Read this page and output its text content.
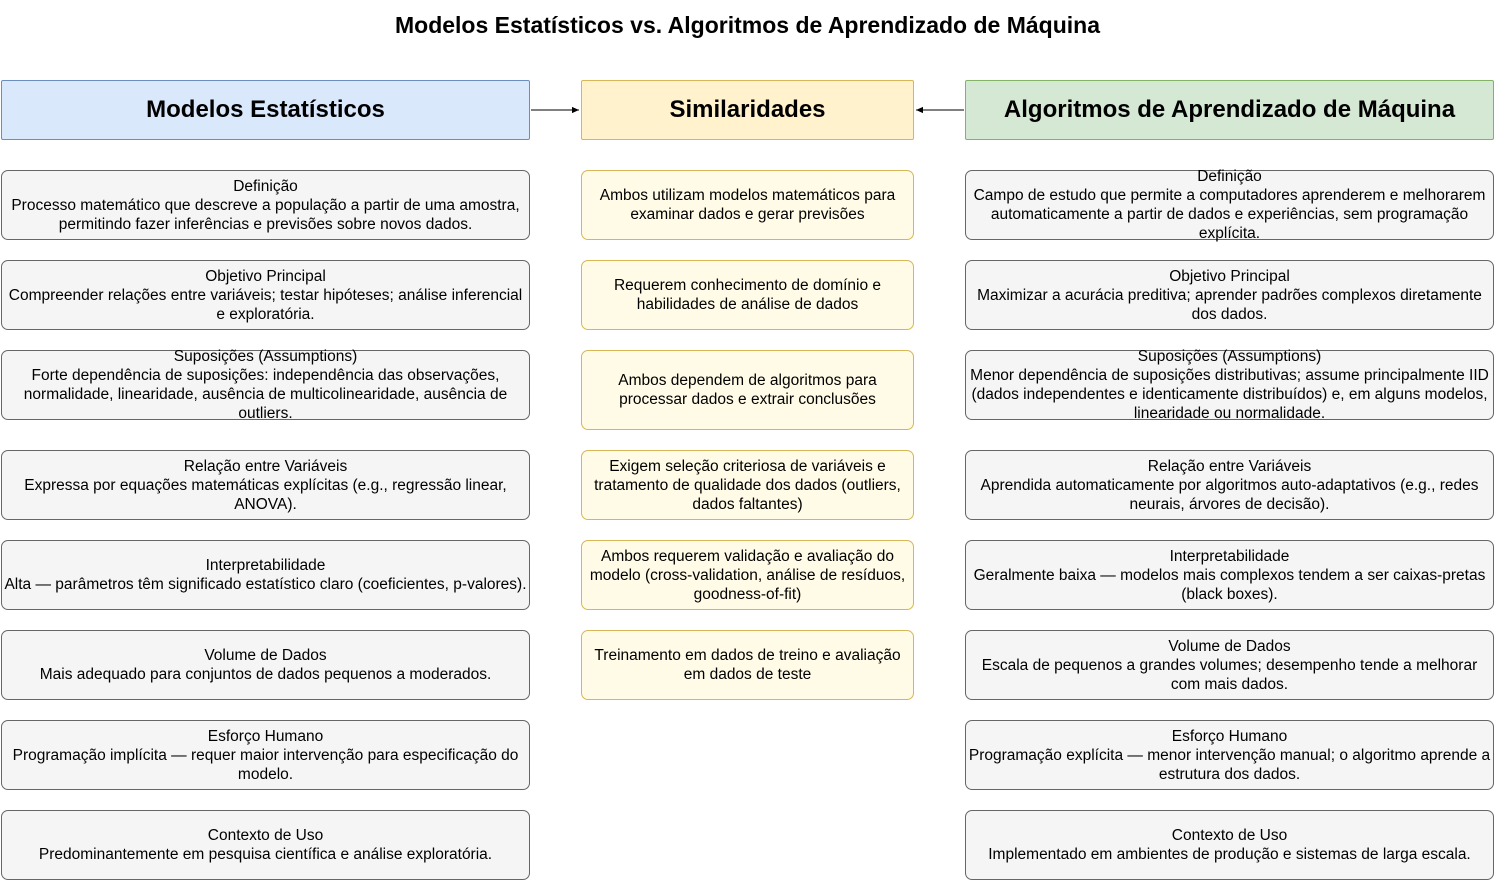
Modelos Estatísticos vs. Algoritmos de Aprendizado de Máquina
Modelos Estatísticos	Similaridades	Algoritmos de Aprendizado de Máquina
Definição
Processo matemático que descreve a população a partir de uma amostra, permitindo fazer inferências e previsões sobre novos dados.
Objetivo Principal
Compreender relações entre variáveis; testar hipóteses; análise inferencial e exploratória.
Suposições (Assumptions)
Forte dependência de suposições: independência das observações, normalidade, linearidade, ausência de multicolinearidade, ausência de outliers.
Relação entre Variáveis
Expressa por equações matemáticas explícitas (e.g., regressão linear, ANOVA).
Interpretabilidade
Alta — parâmetros têm significado estatístico claro (coeficientes, p-valores).
Volume de Dados
Mais adequado para conjuntos de dados pequenos a moderados.
Esforço Humano
Programação implícita — requer maior intervenção para especificação do modelo.
Contexto de Uso
Predominantemente em pesquisa científica e análise exploratória.
Ambos utilizam modelos matemáticos para examinar dados e gerar previsões
Requerem conhecimento de domínio e habilidades de análise de dados
Ambos dependem de algoritmos para processar dados e extrair conclusões
Exigem seleção criteriosa de variáveis e tratamento de qualidade dos dados (outliers, dados faltantes)
Ambos requerem validação e avaliação do modelo (cross-validation, análise de resíduos, goodness-of-fit)
Treinamento em dados de treino e avaliação em dados de teste
Definição
Campo de estudo que permite a computadores aprenderem e melhorarem automaticamente a partir de dados e experiências, sem programação explícita.
Objetivo Principal
Maximizar a acurácia preditiva; aprender padrões complexos diretamente dos dados.
Suposições (Assumptions)
Menor dependência de suposições distributivas; assume principalmente IID (dados independentes e identicamente distribuídos) e, em alguns modelos, linearidade ou normalidade.
Relação entre Variáveis
Aprendida automaticamente por algoritmos auto-adaptativos (e.g., redes neurais, árvores de decisão).
Interpretabilidade
Geralmente baixa — modelos mais complexos tendem a ser caixas-pretas (black boxes).
Volume de Dados
Escala de pequenos a grandes volumes; desempenho tende a melhorar com mais dados.
Esforço Humano
Programação explícita — menor intervenção manual; o algoritmo aprende a estrutura dos dados.
Contexto de Uso
Implementado em ambientes de produção e sistemas de larga escala.
